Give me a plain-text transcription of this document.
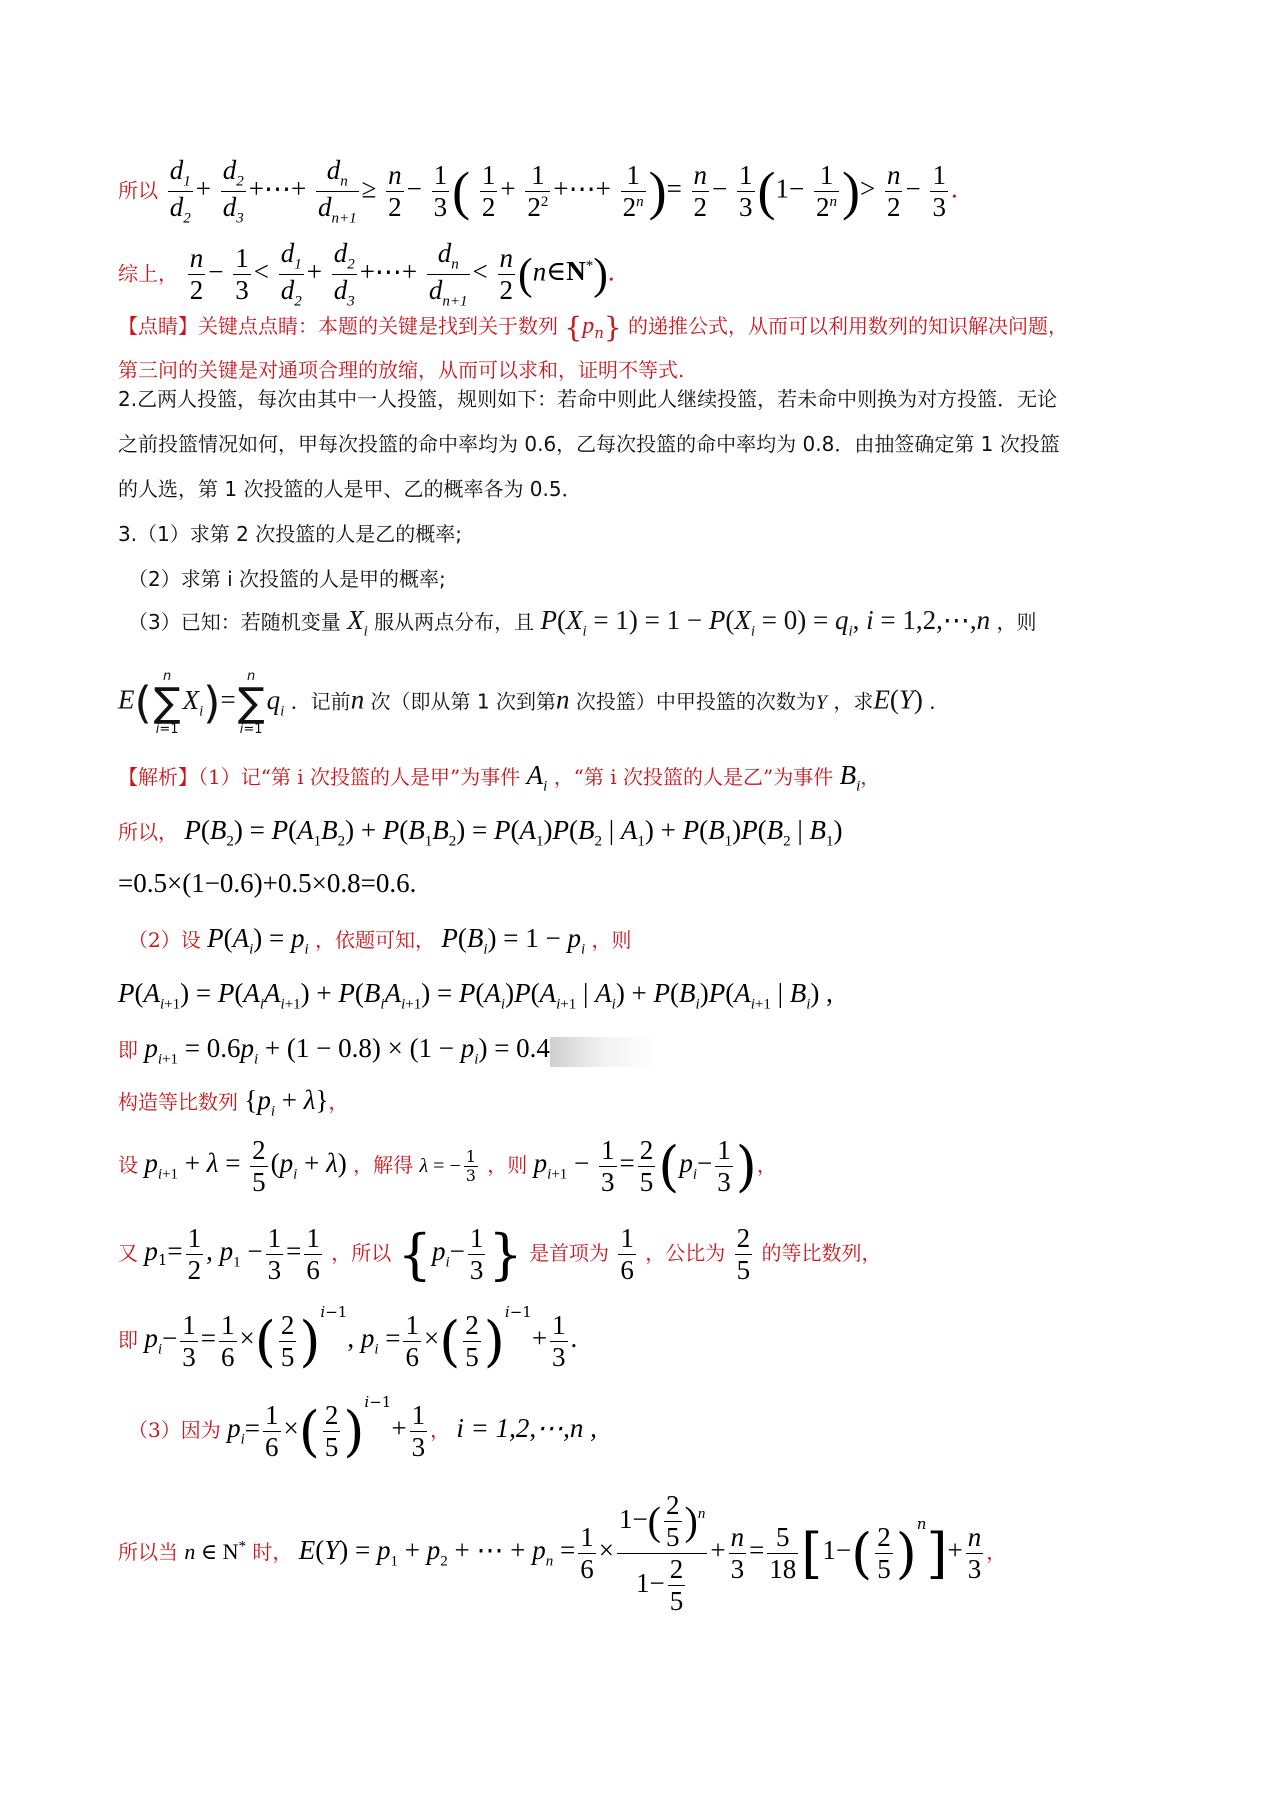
所以 $\frac{d_1}{d_2} + \frac{d_2}{d_3}$ +⋯+ $\frac{d_n}{d_{n+1}} \ge \frac{n}{2} - \frac{1}{3}$ ( $\frac{1}{2} + \frac{1}{2^2}$ +⋯+ $\frac{1}{2^n}$ )= $\frac{n}{2} - \frac{1}{3} (1- \frac{1}{2^n}$ )> $\frac{n}{2} - \frac{1}{3}$ .
综上， $\frac{n}{2} - \frac{1}{3} < \frac{d_1}{d_2} + \frac{d_2}{d_3}$ +⋯+ $\frac{d_n}{d_{n+1}} < \frac{n}{2}$ (n∈N*).
【点睛】关键点点睛：本题的关键是找到关于数列 $\{p_n\}$ 的递推公式，从而可以利用数列的知识解决问题，
第三问的关键是对通项合理的放缩，从而可以求和，证明不等式.
2.乙两人投篮，每次由其中一人投篮，规则如下：若命中则此人继续投篮，若未命中则换为对方投篮．无论
之前投篮情况如何，甲每次投篮的命中率均为 0.6，乙每次投篮的命中率均为 0.8．由抽签确定第 1 次投篮
的人选，第 1 次投篮的人是甲、乙的概率各为 0.5．
3.（1）求第 2 次投篮的人是乙的概率;
（2）求第 i 次投篮的人是甲的概率;
（3）已知：若随机变量 $X_i$ 服从两点分布，且 $P(X_i = 1) = 1 - P(X_i = 0) = q_i$, i = 1,2,⋯,n ，则
E(n
∑
$i=1X_i)=n$
∑
$i=1q_i$ ．记前n 次（即从第 1 次到第n 次投篮）中甲投篮的次数为Y ，求E(Y) ．
【解析】（1）记“第 i 次投篮的人是甲”为事件 $A_i$ ，“第 i 次投篮的人是乙”为事件 $B_i$，
所以， $P(B_2) = P(A_1B_2) + P(B_1B_2) = P(A_1)P(B_2$ | $A_1) + P(B_1)P(B_2$ | $B_1$)
=0.5×(1−0.6)+0.5×0.8=0.6.
（2）设 $P(A_i) = p_i$ ，依题可知， $P(B_i) = 1 - p_i$ ，则
$P(A_{i+1}) = P(A_iA_{i+1}) + P(B_iA_{i+1}) = P(A_i)P(A_{i+1}$ | $A_i) + P(B_i)P(A_{i+1}$ | $B_i$) ,
即 $p_{i+1} = 0.6p_i + (1 - 0.8) \times (1 - p_i) = 0.4$
构造等比数列 $\{p_i + \lambda\}$，
设 $p_{i+1} + \lambda = \frac{2}{5} (p_i + \lambda)$ ，解得 λ = − $\frac{1}{3}$ ，则 $p_{i+1} - \frac{1}{3} = \frac{2}{5} (p_i- \frac{1}{3}$ )，
又 $p_1= \frac{1}{2}$ , $p_1 - \frac{1}{3} = \frac{1}{6}$ ，所以 {$p_i- \frac{1}{3}$ } 是首项为 $\frac{1}{6}$ ，公比为 $\frac{2}{5}$ 的等比数列，
即 $p_i- \frac{1}{3} = \frac{1}{6}$ ×( $\frac{2}{5} )^{i-1}$, $p_i = \frac{1}{6}$ ×( $\frac{2}{5} )^{i-1}+ \frac{1}{3}$ .
（3）因为 $p_i= \frac{1}{6}$ ×( $\frac{2}{5} )^{i-1}+ \frac{1}{3}$ ， i = 1,2,⋯,n ,
所以当 n ∈ N* 时， $E(Y) = p_1 + p_2$ + ⋯ + $p_n = \frac{1}{6} \times \frac{1-( \frac{2}{5} )^n}{1- \frac{2}{5}} + \frac{n}{3} = \frac{5}{18} [1-( \frac{2}{5} )^n]+ \frac{n}{3}$ ，
